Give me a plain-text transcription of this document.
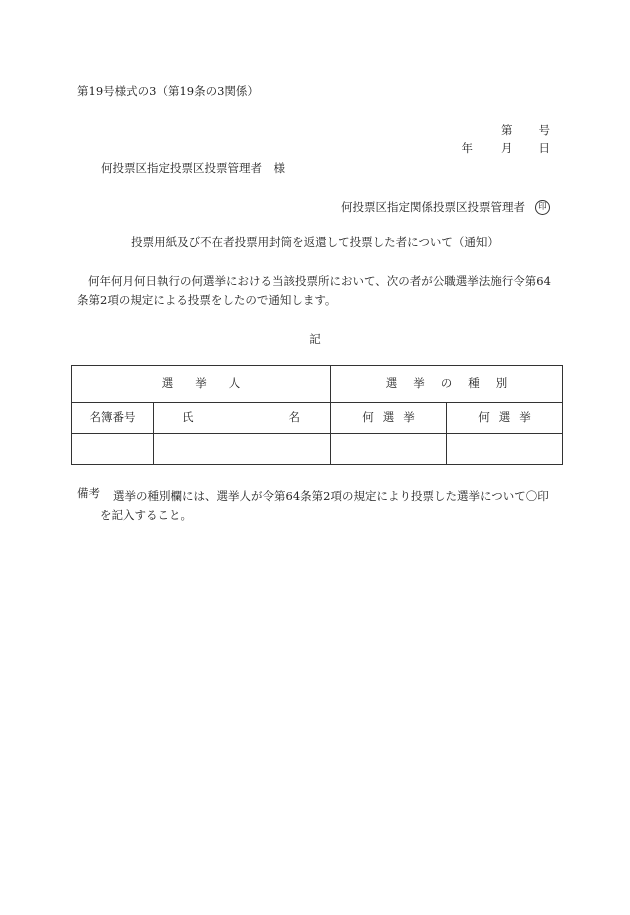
第19号様式の3（第19条の3関係）
第 号
年 月 日
何投票区指定投票区投票管理者　様
何投票区指定関係投票区投票管理者	印
投票用紙及び不在者投票用封筒を返還して投票した者について（通知）
何年何月何日執行の何選挙における当該投票所において、次の者が公職選挙法施行令第64条第2項の規定による投票をしたので通知します。
記
選挙人		選挙の種別	
名簿番号	氏 名	何選挙	何選挙

備考 選挙の種別欄には、選挙人が令第64条第2項の規定により投票した選挙について〇印
を記入すること。
